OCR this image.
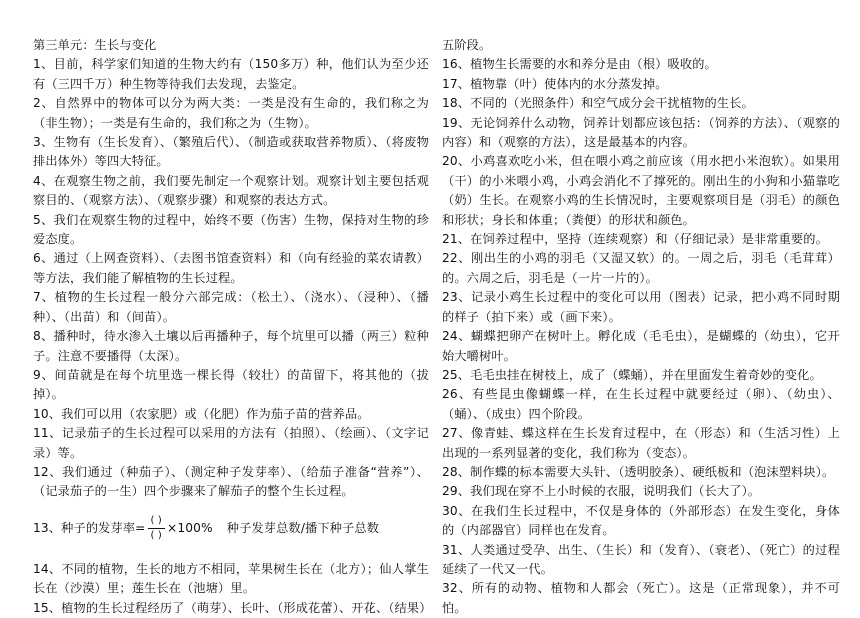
第三单元：生长与变化

1、目前，科学家们知道的生物大约有（150多万）种，他们认为至少还有（三四千万）种生物等待我们去发现，去鉴定。

2、自然界中的物体可以分为两大类：一类是没有生命的，我们称之为（非生物）；一类是有生命的，我们称之为（生物）。

3、生物有（生长发育）、（繁殖后代）、（制造或获取营养物质）、（将废物排出体外）等四大特征。

4、在观察生物之前，我们要先制定一个观察计划。观察计划主要包括观察目的、（观察方法）、（观察步骤）和观察的表达方式。

5、我们在观察生物的过程中，始终不要（伤害）生物，保持对生物的珍爱态度。

6、通过（上网查资料）、（去图书馆查资料）和（向有经验的菜农请教）等方法，我们能了解植物的生长过程。

7、植物的生长过程一般分六部完成：（松土）、（浇水）、（浸种）、（播种）、（出苗）和（间苗）。

8、播种时，待水渗入土壤以后再播种子，每个坑里可以播（两三）粒种子。注意不要播得（太深）。

9、间苗就是在每个坑里选一棵长得（较壮）的苗留下，将其他的（拔掉）。

10、我们可以用（农家肥）或（化肥）作为茄子苗的营养品。

11、记录茄子的生长过程可以采用的方法有（拍照）、（绘画）、（文字记录）等。

12、我们通过（种茄子）、（测定种子发芽率）、（给茄子准备“营养”）、（记录茄子的一生）四个步骤来了解茄子的整个生长过程。

13、种子的发芽率= $\frac{( )}{( )} \times 100\%$ 种子发芽总数/播下种子总数

14、不同的植物，生长的地方不相同，苹果树生长在（北方）；仙人掌生长在（沙漠）里；莲生长在（池塘）里。

15、植物的生长过程经历了（萌芽）、长叶、（形成花蕾）、开花、（结果）

五阶段。

16、植物生长需要的水和养分是由（根）吸收的。

17、植物靠（叶）使体内的水分蒸发掉。

18、不同的（光照条件）和空气成分会干扰植物的生长。

19、无论饲养什么动物，饲养计划都应该包括：（饲养的方法）、（观察的内容）和（观察的方法），这是最基本的内容。

20、小鸡喜欢吃小米，但在喂小鸡之前应该（用水把小米泡软）。如果用（干）的小米喂小鸡，小鸡会消化不了撑死的。刚出生的小狗和小猫靠吃（奶）生长。在观察小鸡的生长情况时，主要观察项目是（羽毛）的颜色和形状；身长和体重；（粪便）的形状和颜色。

21、在饲养过程中，坚持（连续观察）和（仔细记录）是非常重要的。

22、刚出生的小鸡的羽毛（又湿又软）的。一周之后，羽毛（毛茸茸）的。六周之后，羽毛是（一片一片的）。

23、记录小鸡生长过程中的变化可以用（图表）记录，把小鸡不同时期的样子（拍下来）或（画下来）。

24、蝴蝶把卵产在树叶上。孵化成（毛毛虫），是蝴蝶的（幼虫），它开始大嚼树叶。

25、毛毛虫挂在树枝上，成了（蝶蛹），并在里面发生着奇妙的变化。

26、有些昆虫像蝴蝶一样，在生长过程中就要经过（卵）、（幼虫）、（蛹）、（成虫）四个阶段。

27、像青蛙、蝶这样在生长发育过程中，在（形态）和（生活习性）上出现的一系列显著的变化，我们称为（变态）。

28、制作蝶的标本需要大头针、（透明胶条）、硬纸板和（泡沫塑料块）。

29、我们现在穿不上小时候的衣服，说明我们（长大了）。

30、在我们生长过程中，不仅是身体的（外部形态）在发生变化，身体的（内部器官）同样也在发育。

31、人类通过受孕、出生、（生长）和（发育）、（衰老）、（死亡）的过程延续了一代又一代。

32、所有的动物、植物和人都会（死亡）。这是（正常现象），并不可怕。
